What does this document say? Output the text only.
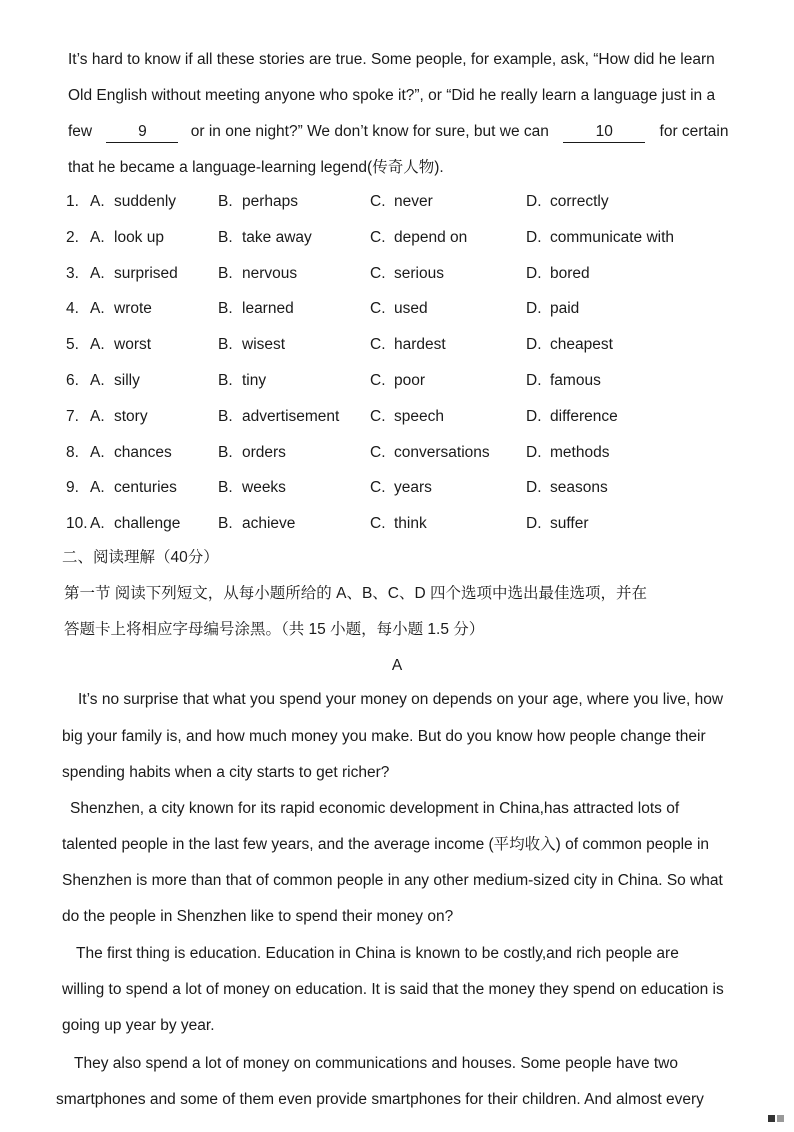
It’s hard to know if all these stories are true. Some people, for example, ask, “How did he learn
Old English without meeting anyone who spoke it?”, or “Did he really learn a language just in a
few	9	or in one night?” We don’t know for sure, but we can	10	for certain
that he became a language-learning legend(传奇人物).
1. A. suddenly	B. perhaps	C. never	D. correctly
2. A. look up	B. take away	C. depend on	D. communicate with
3. A. surprised	B. nervous	C. serious	D. bored
4. A. wrote	B. learned	C. used	D. paid
5. A. worst	B. wisest	C. hardest	D. cheapest
6. A. silly	B. tiny	C. poor	D. famous
7. A. story	B. advertisement C. speech	D. difference
8. A. chances	B. orders	C. conversations D. methods
9. A. centuries	B. weeks	C. years	D. seasons
10. A. challenge B. achieve	C. think	D. suffer
二、阅读理解（40分）
第一节 阅读下列短文，从每小题所给的 A、B、C、D 四个选项中选出最佳选项，并在
答题卡上将相应字母编号涂黑。（共 15 小题，每小题 1.5 分）
A
It’s no surprise that what you spend your money on depends on your age, where you live, how
big your family is, and how much money you make. But do you know how people change their
spending habits when a city starts to get richer?
Shenzhen, a city known for its rapid economic development in China,has attracted lots of
talented people in the last few years, and the average income (平均收入) of common people in
Shenzhen is more than that of common people in any other medium-sized city in China. So what
do the people in Shenzhen like to spend their money on?
The first thing is education. Education in China is known to be costly,and rich people are
willing to spend a lot of money on education. It is said that the money they spend on education is
going up year by year.
They also spend a lot of money on communications and houses. Some people have two
smartphones and some of them even provide smartphones for their children. And almost every
